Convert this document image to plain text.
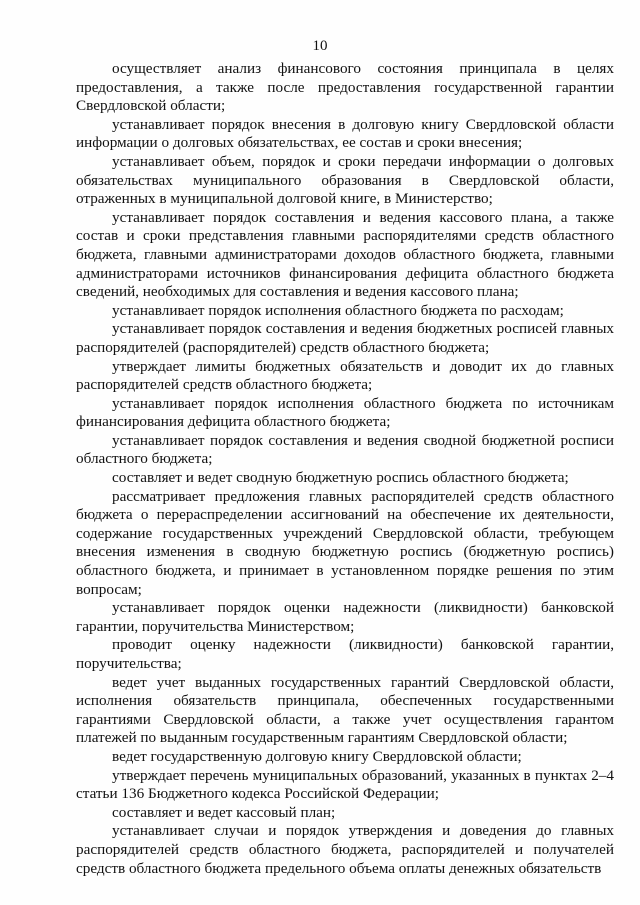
10

осуществляет анализ финансового состояния принципала в целях предоставления, а также после предоставления государственной гарантии Свердловской области;

устанавливает порядок внесения в долговую книгу Свердловской области информации о долговых обязательствах, ее состав и сроки внесения;

устанавливает объем, порядок и сроки передачи информации о долговых обязательствах муниципального образования в Свердловской области, отраженных в муниципальной долговой книге, в Министерство;

устанавливает порядок составления и ведения кассового плана, а также состав и сроки представления главными распорядителями средств областного бюджета, главными администраторами доходов областного бюджета, главными администраторами источников финансирования дефицита областного бюджета сведений, необходимых для составления и ведения кассового плана;

устанавливает порядок исполнения областного бюджета по расходам;

устанавливает порядок составления и ведения бюджетных росписей главных распорядителей (распорядителей) средств областного бюджета;

утверждает лимиты бюджетных обязательств и доводит их до главных распорядителей средств областного бюджета;

устанавливает порядок исполнения областного бюджета по источникам финансирования дефицита областного бюджета;

устанавливает порядок составления и ведения сводной бюджетной росписи областного бюджета;

составляет и ведет сводную бюджетную роспись областного бюджета;

рассматривает предложения главных распорядителей средств областного бюджета о перераспределении ассигнований на обеспечение их деятельности, содержание государственных учреждений Свердловской области, требующем внесения изменения в сводную бюджетную роспись (бюджетную роспись) областного бюджета, и принимает в установленном порядке решения по этим вопросам;

устанавливает порядок оценки надежности (ликвидности) банковской гарантии, поручительства Министерством;

проводит оценку надежности (ликвидности) банковской гарантии, поручительства;

ведет учет выданных государственных гарантий Свердловской области, исполнения обязательств принципала, обеспеченных государственными гарантиями Свердловской области, а также учет осуществления гарантом платежей по выданным государственным гарантиям Свердловской области;

ведет государственную долговую книгу Свердловской области;

утверждает перечень муниципальных образований, указанных в пунктах 2–4 статьи 136 Бюджетного кодекса Российской Федерации;

составляет и ведет кассовый план;

устанавливает случаи и порядок утверждения и доведения до главных распорядителей средств областного бюджета, распорядителей и получателей средств областного бюджета предельного объема оплаты денежных обязательств
